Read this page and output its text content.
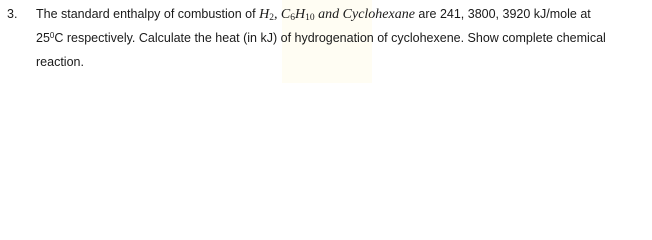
3. The standard enthalpy of combustion of $H_2$, $C_6H_{10}$ and Cyclohexane are 241, 3800, 3920 kJ/mole at
$25^0C$ respectively. Calculate the heat (in kJ) of hydrogenation of cyclohexene. Show complete chemical
reaction.
